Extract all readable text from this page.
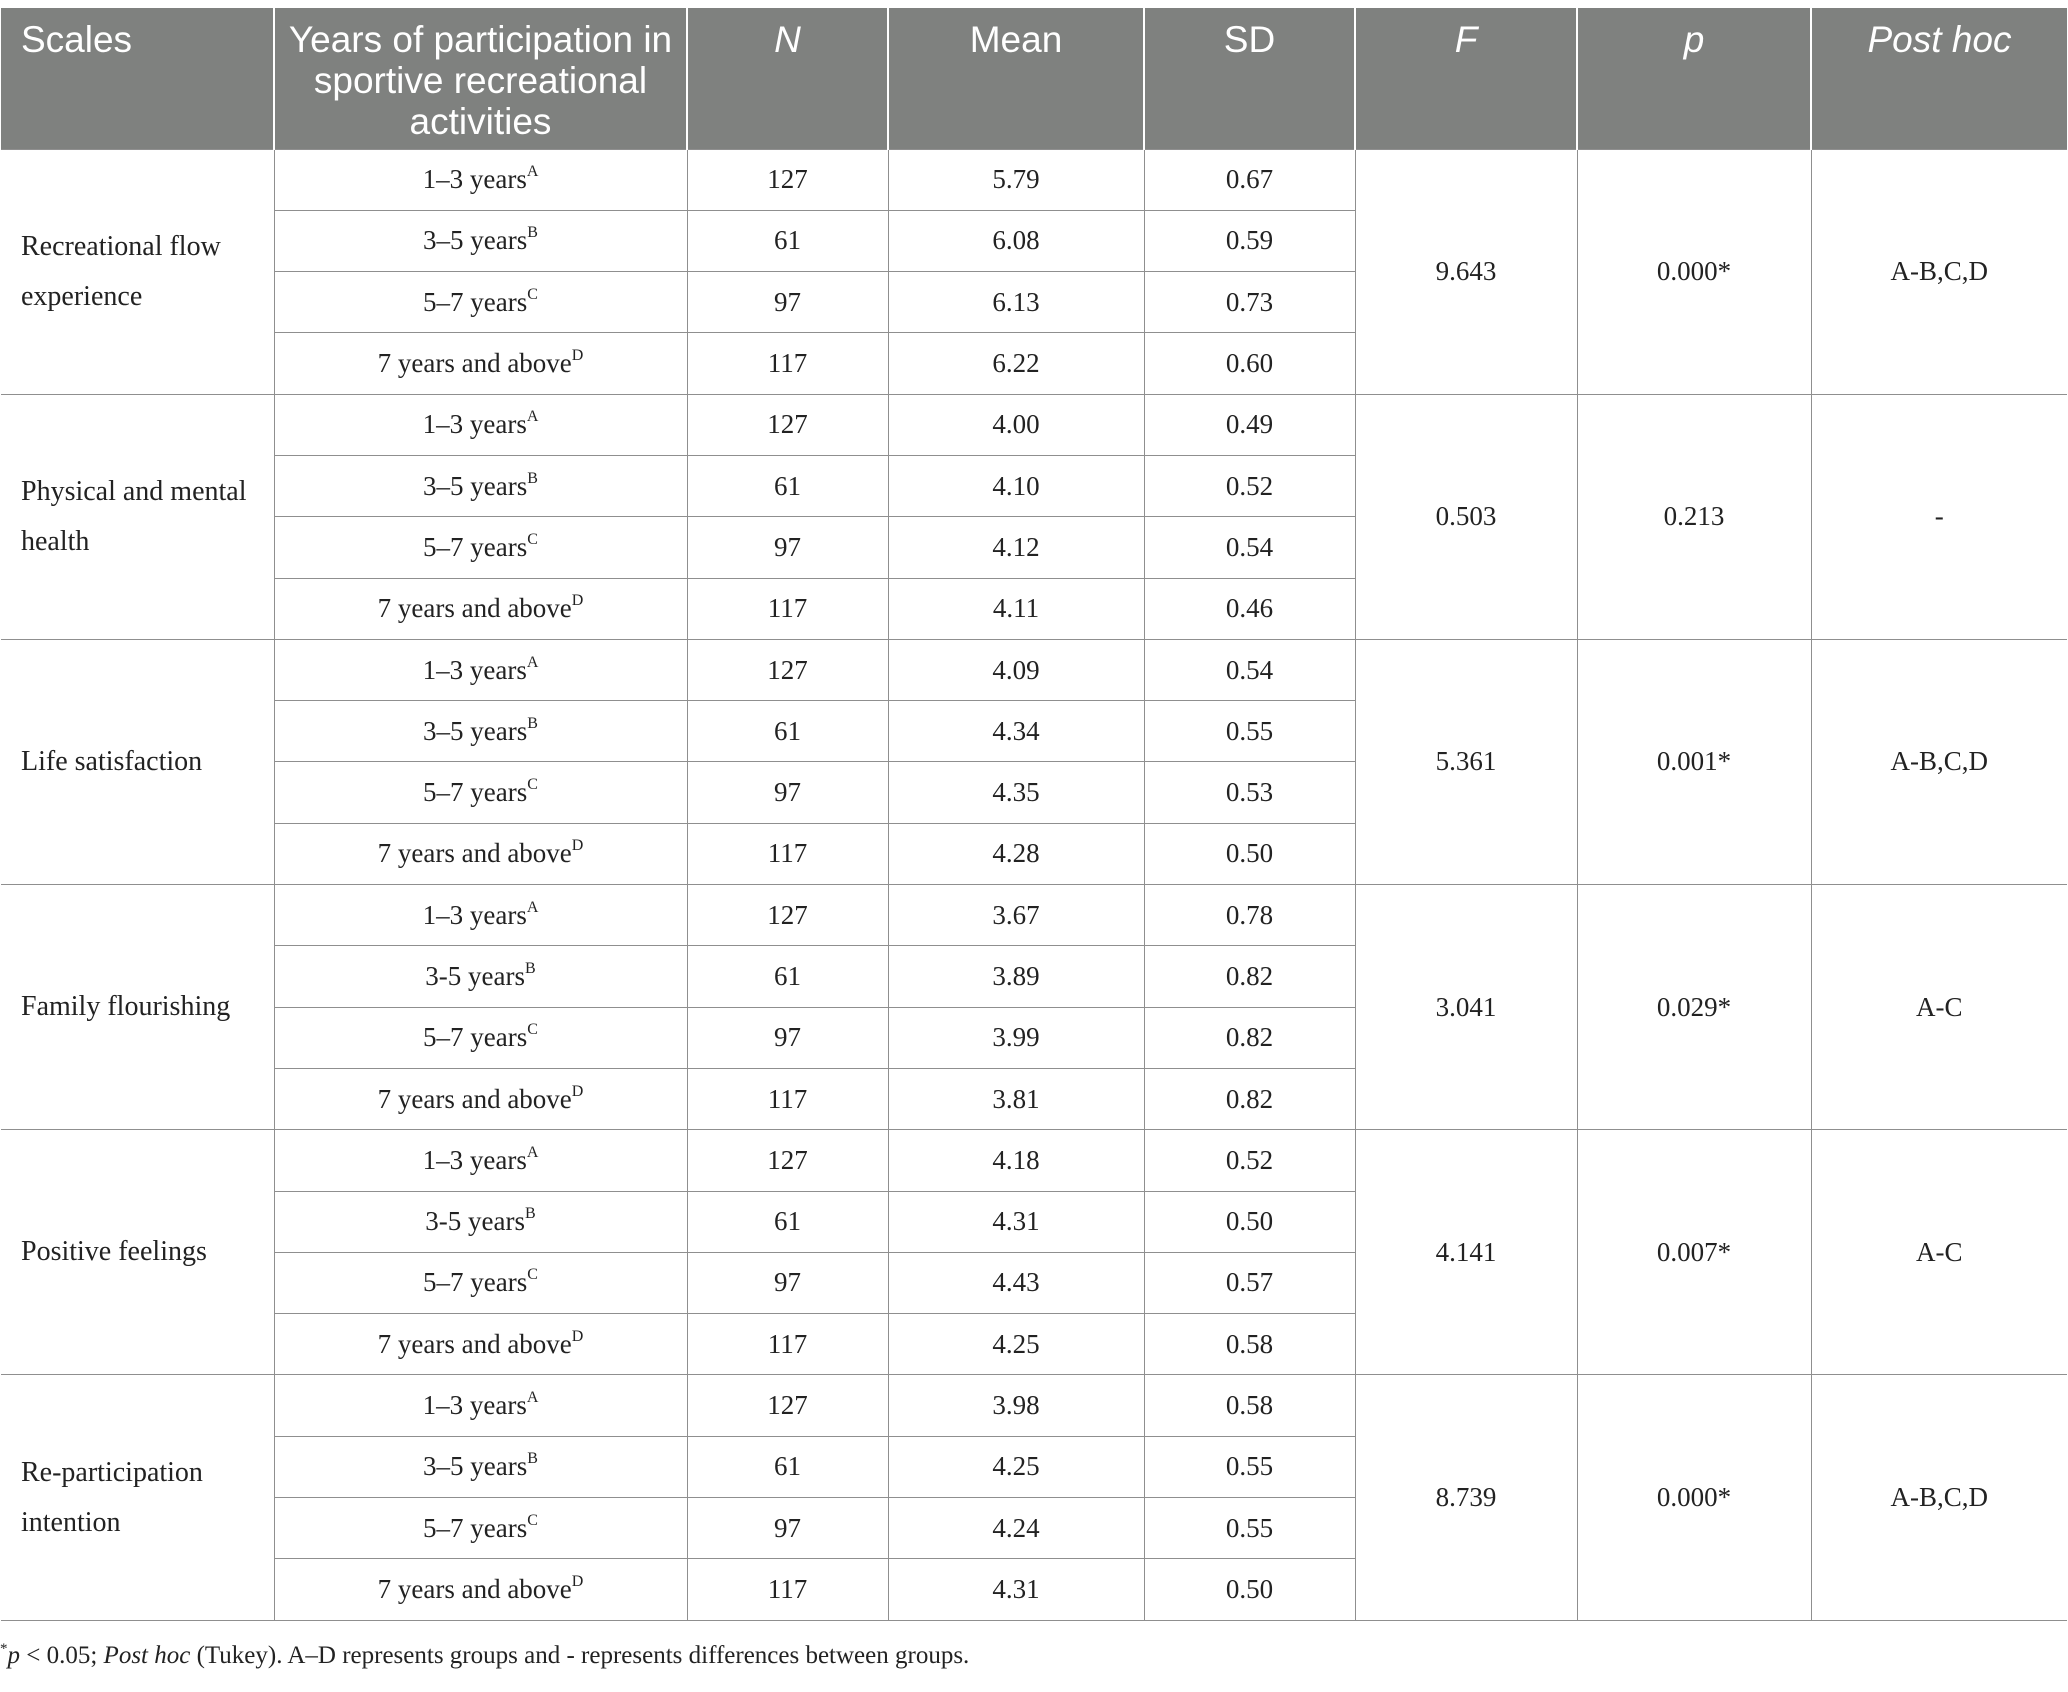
Scales	Years of participation in sportive recreational activities	N	Mean	SD	F	p	Post hoc
Recreational flow experience	1–3 years$^A$	127	5.79	0.67	9.643	0.000*	A-B,C,D
	3–5 years$^B$	61	6.08	0.59			
	5–7 years$^C$	97	6.13	0.73			
	7 years and above$^D$	117	6.22	0.60			
Physical and mental health	1–3 years$^A$	127	4.00	0.49	0.503	0.213	-
	3–5 years$^B$	61	4.10	0.52			
	5–7 years$^C$	97	4.12	0.54			
	7 years and above$^D$	117	4.11	0.46			
Life satisfaction	1–3 years$^A$	127	4.09	0.54	5.361	0.001*	A-B,C,D
	3–5 years$^B$	61	4.34	0.55			
	5–7 years$^C$	97	4.35	0.53			
	7 years and above$^D$	117	4.28	0.50			
Family flourishing	1–3 years$^A$	127	3.67	0.78	3.041	0.029*	A-C
	3-5 years$^B$	61	3.89	0.82			
	5–7 years$^C$	97	3.99	0.82			
	7 years and above$^D$	117	3.81	0.82			
Positive feelings	1–3 years$^A$	127	4.18	0.52	4.141	0.007*	A-C
	3-5 years$^B$	61	4.31	0.50			
	5–7 years$^C$	97	4.43	0.57			
	7 years and above$^D$	117	4.25	0.58			
Re-participation intention	1–3 years$^A$	127	3.98	0.58	8.739	0.000*	A-B,C,D
	3–5 years$^B$	61	4.25	0.55			
	5–7 years$^C$	97	4.24	0.55			
	7 years and above$^D$	117	4.31	0.50			
*p < 0.05; Post hoc (Tukey). A–D represents groups and - represents differences between groups.
